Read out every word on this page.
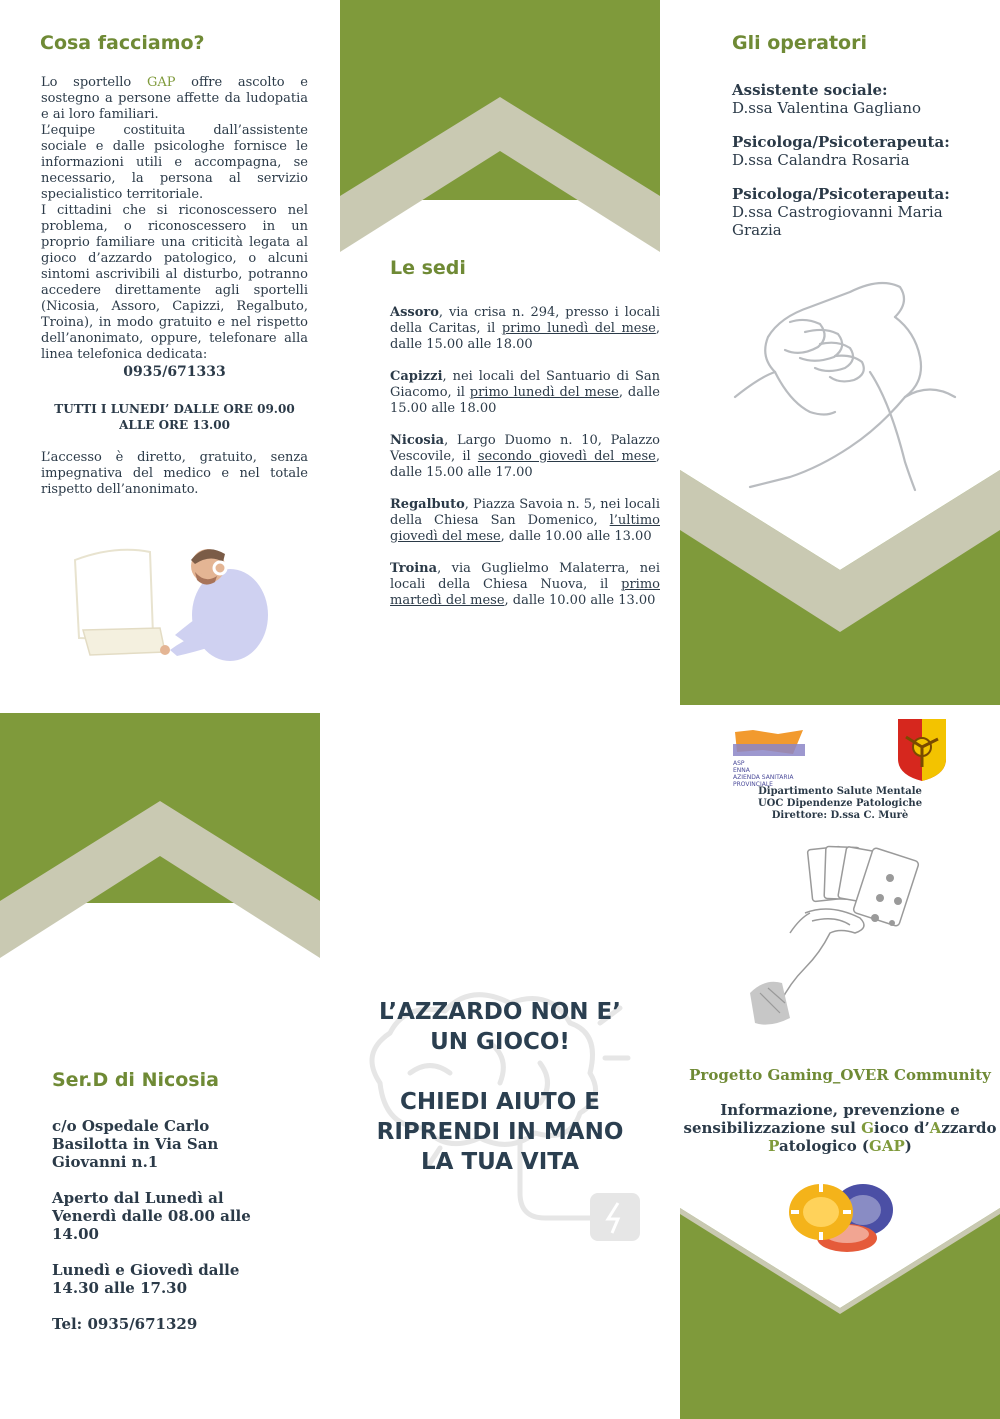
Cosa facciamo?
Lo sportello GAP offre ascolto e sostegno a persone affette da ludopatia e ai loro familiari.
L’equipe costituita dall’assistente sociale e dalle psicologhe fornisce le informazioni utili e accompagna, se necessario, la persona al servizio specialistico territoriale.
I cittadini che si riconoscessero nel problema, o riconoscessero in un proprio familiare una criticità legata al gioco d’azzardo patologico, o alcuni sintomi ascrivibili al disturbo, potranno accedere direttamente agli sportelli (Nicosia, Assoro, Capizzi, Regalbuto, Troina), in modo gratuito e nel rispetto dell’anonimato, oppure, telefonare alla linea telefonica dedicata:
0935/671333
TUTTI I LUNEDI’ DALLE ORE 09.00 ALLE ORE 13.00
L’accesso è diretto, gratuito, senza impegnativa del medico e nel totale rispetto dell’anonimato.
Le sedi
Assoro, via crisa n. 294, presso i locali della Caritas, il primo lunedì del mese, dalle 15.00 alle 18.00
Capizzi, nei locali del Santuario di San Giacomo, il primo lunedì del mese, dalle 15.00 alle 18.00
Nicosia, Largo Duomo n. 10, Palazzo Vescovile, il secondo giovedì del mese, dalle 15.00 alle 17.00
Regalbuto, Piazza Savoia n. 5, nei locali della Chiesa San Domenico, l’ultimo giovedì del mese, dalle 10.00 alle 13.00
Troina, via Guglielmo Malaterra, nei locali della Chiesa Nuova, il primo martedì del mese, dalle 10.00 alle 13.00
Gli operatori
Assistente sociale:
D.ssa Valentina Gagliano
Psicologa/Psicoterapeuta:
D.ssa Calandra Rosaria
Psicologa/Psicoterapeuta:
D.ssa Castrogiovanni Maria Grazia
Ser.D di Nicosia

c/o Ospedale Carlo Basilotta in Via San Giovanni n.1

Aperto dal Lunedì al Venerdì dalle 08.00 alle 14.00

Lunedì e Giovedì dalle 14.30 alle 17.30

Tel: 0935/671329

L’AZZARDO NON E’ UN GIOCO!
CHIEDI AIUTO E RIPRENDI IN MANO LA TUA VITA
ASP
ENNA
AZIENDA SANITARIA PROVINCIALE
Dipartimento Salute Mentale
UOC Dipendenze Patologiche
Direttore: D.ssa C. Murè
Progetto Gaming_OVER Community
Informazione, prevenzione e sensibilizzazione sul Gioco d’Azzardo Patologico (GAP)
